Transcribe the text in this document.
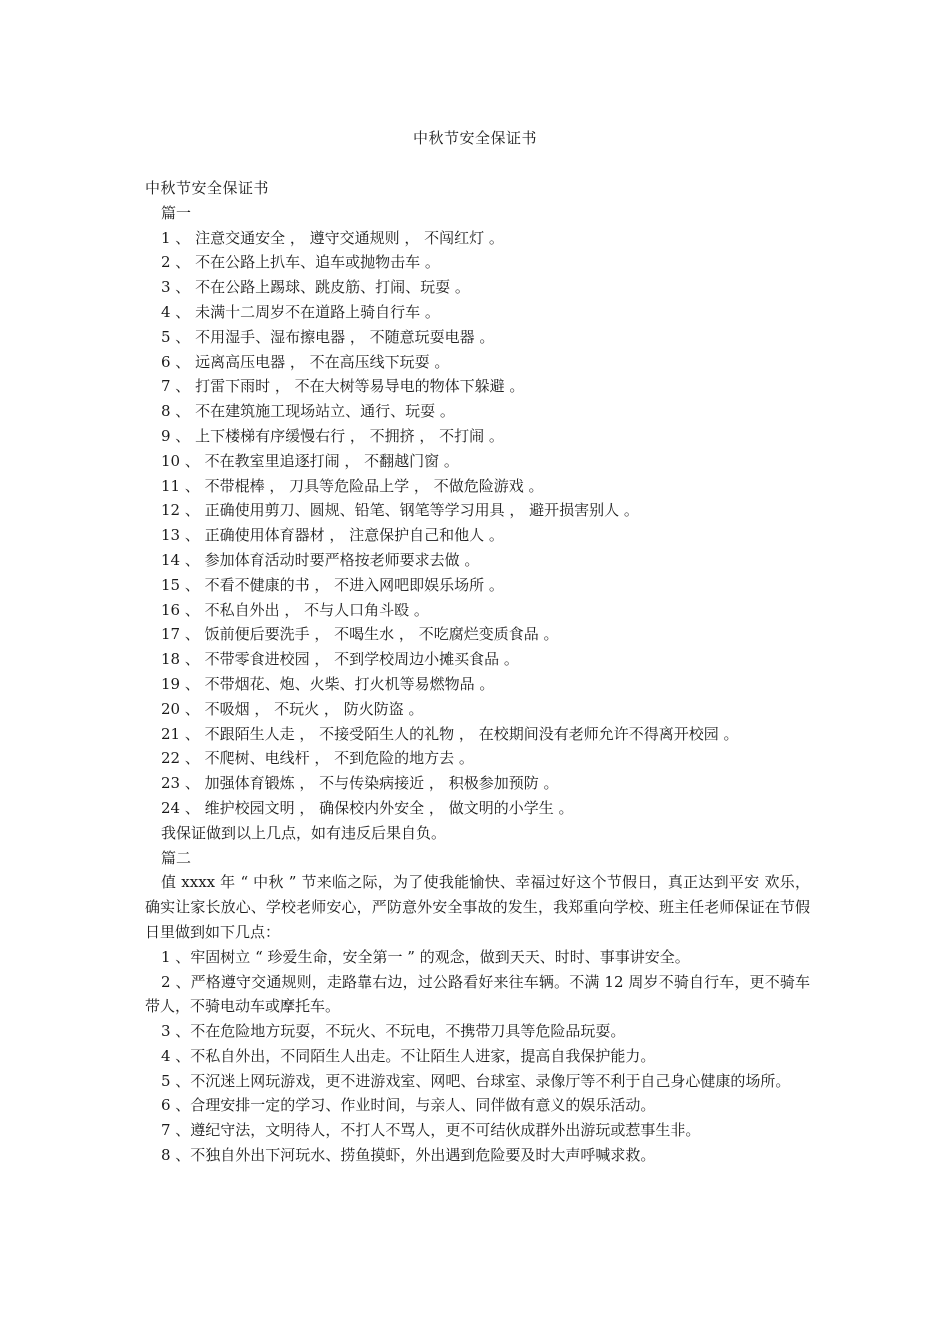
中秋节安全保证书
中秋节安全保证书
篇一
1 、 注意交通安全 ， 遵守交通规则 ， 不闯红灯 。
2 、 不在公路上扒车、追车或抛物击车 。
3 、 不在公路上踢球、跳皮筋、打闹、玩耍 。
4 、 未满十二周岁不在道路上骑自行车 。
5 、 不用湿手、湿布擦电器 ， 不随意玩耍电器 。
6 、 远离高压电器 ， 不在高压线下玩耍 。
7 、 打雷下雨时 ， 不在大树等易导电的物体下躲避 。
8 、 不在建筑施工现场站立、通行、玩耍 。
9 、 上下楼梯有序缓慢右行 ， 不拥挤 ， 不打闹 。
10 、 不在教室里追逐打闹 ， 不翻越门窗 。
11 、 不带棍棒 ， 刀具等危险品上学 ， 不做危险游戏 。
12 、 正确使用剪刀、圆规、铅笔、钢笔等学习用具 ， 避开损害别人 。
13 、 正确使用体育器材 ， 注意保护自己和他人 。
14 、 参加体育活动时要严格按老师要求去做 。
15 、 不看不健康的书 ， 不进入网吧即娱乐场所 。
16 、 不私自外出 ， 不与人口角斗殴 。
17 、 饭前便后要洗手 ， 不喝生水 ， 不吃腐烂变质食品 。
18 、 不带零食进校园 ， 不到学校周边小摊买食品 。
19 、 不带烟花、炮、火柴、打火机等易燃物品 。
20 、 不吸烟 ， 不玩火 ， 防火防盗 。
21 、 不跟陌生人走 ， 不接受陌生人的礼物 ， 在校期间没有老师允许不得离开校园 。
22 、 不爬树、电线杆 ， 不到危险的地方去 。
23 、 加强体育锻炼 ， 不与传染病接近 ， 积极参加预防 。
24 、 维护校园文明 ， 确保校内外安全 ， 做文明的小学生 。
我保证做到以上几点，如有违反后果自负。
篇二
值 xxxx 年 “ 中秋 ” 节来临之际，为了使我能愉快、幸福过好这个节假日，真正达到平安 欢乐，确实让家长放心、学校老师安心，严防意外安全事故的发生，我郑重向学校、班主任老师保证在节假日里做到如下几点：
1 、牢固树立 “ 珍爱生命，安全第一 ” 的观念，做到天天、时时、事事讲安全。
2 、严格遵守交通规则，走路靠右边，过公路看好来往车辆。不满 12 周岁不骑自行车，更不骑车带人，不骑电动车或摩托车。
3 、不在危险地方玩耍，不玩火、不玩电，不携带刀具等危险品玩耍。
4 、不私自外出，不同陌生人出走。不让陌生人进家，提高自我保护能力。
5 、不沉迷上网玩游戏，更不进游戏室、网吧、台球室、录像厅等不利于自己身心健康的场所。
6 、合理安排一定的学习、作业时间，与亲人、同伴做有意义的娱乐活动。
7 、遵纪守法，文明待人，不打人不骂人，更不可结伙成群外出游玩或惹事生非。
8 、不独自外出下河玩水、捞鱼摸虾，外出遇到危险要及时大声呼喊求救。
